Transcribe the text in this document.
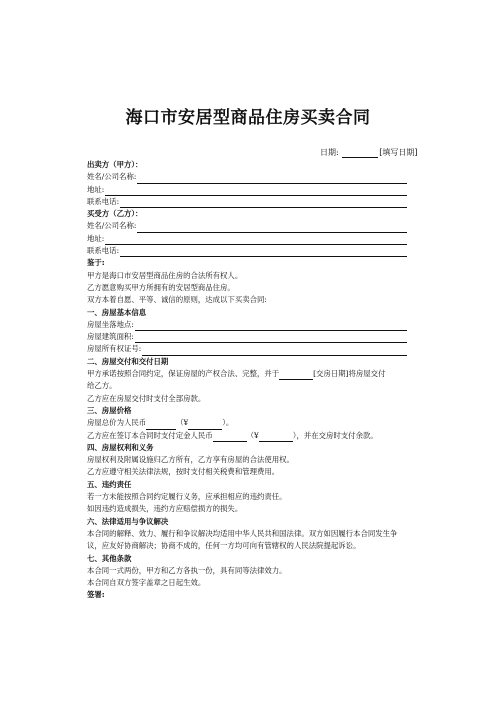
海口市安居型商品住房买卖合同
日期:	[填写日期]
出卖方（甲方）：
姓名/公司名称:
地址:
联系电话:
买受方（乙方）：
姓名/公司名称:
地址:
联系电话:
鉴于:
甲方是海口市安居型商品住房的合法所有权人。
乙方愿意购买甲方所拥有的安居型商品住房。
双方本着自愿、平等、诚信的原则，达成以下买卖合同:
一、房屋基本信息
房屋坐落地点:
房屋建筑面积:
房屋所有权证号:
二、房屋交付和交付日期
甲方承诺按照合同约定，保证房屋的产权合法、完整，并于	[交房日期]将房屋交付
给乙方。
乙方应在房屋交付时支付全部房款。
三、房屋价格
房屋总价为人民币	（¥	）。
乙方应在签订本合同时支付定金人民币	（¥	），并在交房时支付余款。
四、房屋权利和义务
房屋权利及附属设施归乙方所有，乙方享有房屋的合法使用权。
乙方应遵守相关法律法规，按时支付相关税费和管理费用。
五、违约责任
若一方未能按照合同约定履行义务，应承担相应的违约责任。
如因违约造成损失，违约方应赔偿损方的损失。
六、法律适用与争议解决
本合同的解释、效力、履行和争议解决均适用中华人民共和国法律。双方如因履行本合同发生争议，应友好协商解决；协商不成的，任何一方均可向有管辖权的人民法院提起诉讼。
七、其他条款
本合同一式两份，甲方和乙方各执一份，具有同等法律效力。
本合同自双方签字盖章之日起生效。
签署:
